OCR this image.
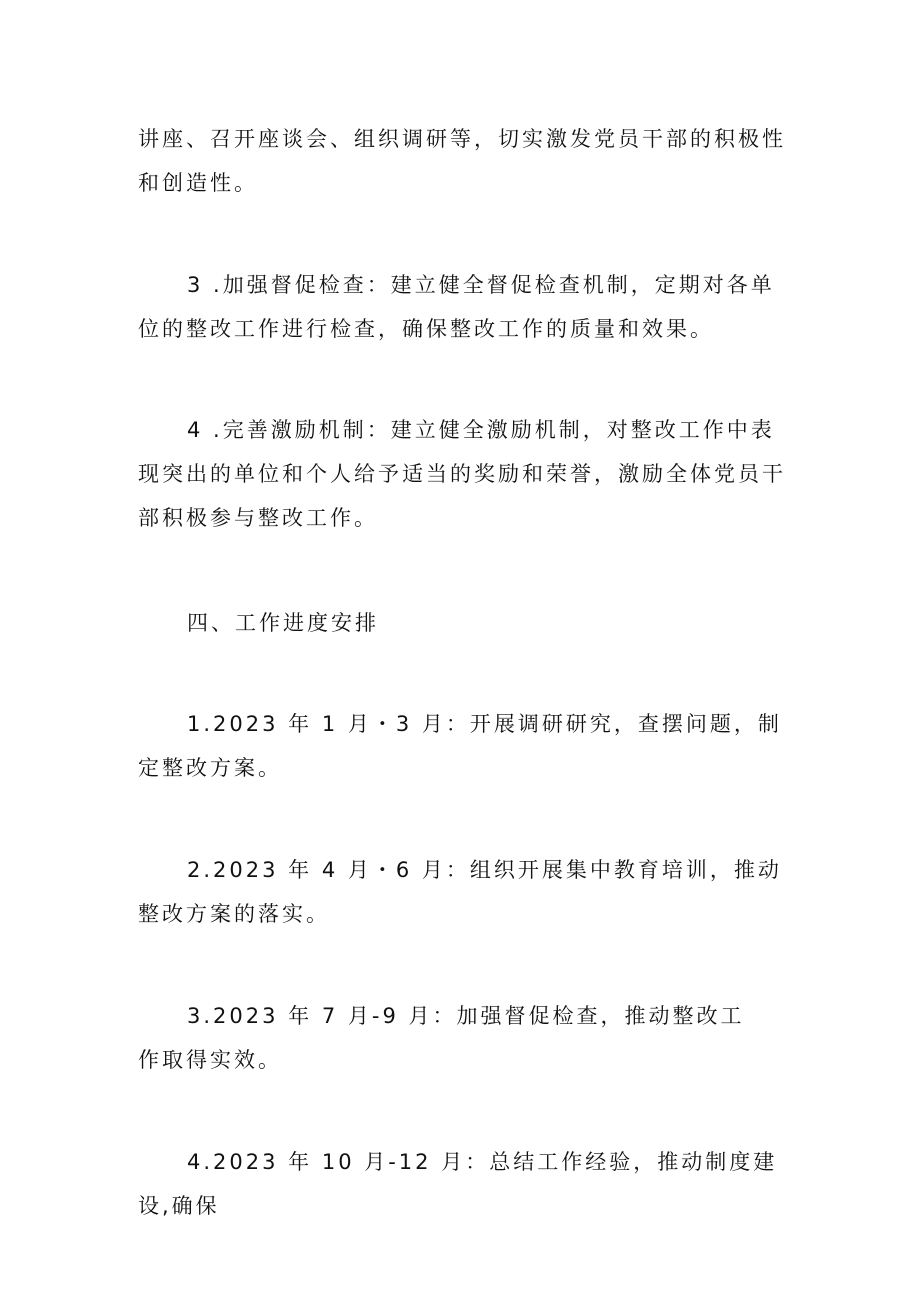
讲座、召开座谈会、组织调研等，切实激发党员干部的积极性和创造性。

3 .加强督促检查：建立健全督促检查机制，定期对各单位的整改工作进行检查，确保整改工作的质量和效果。

4 .完善激励机制：建立健全激励机制，对整改工作中表现突出的单位和个人给予适当的奖励和荣誉，激励全体党员干部积极参与整改工作。

四、工作进度安排

1.2023 年 1 月・3 月：开展调研研究，查摆问题，制定整改方案。

2.2023 年 4 月・6 月：组织开展集中教育培训，推动整改方案的落实。

3.2023 年 7 月-9 月：加强督促检查，推动整改工作取得实效。

4.2023 年 10 月-12 月：总结工作经验，推动制度建设,确保
